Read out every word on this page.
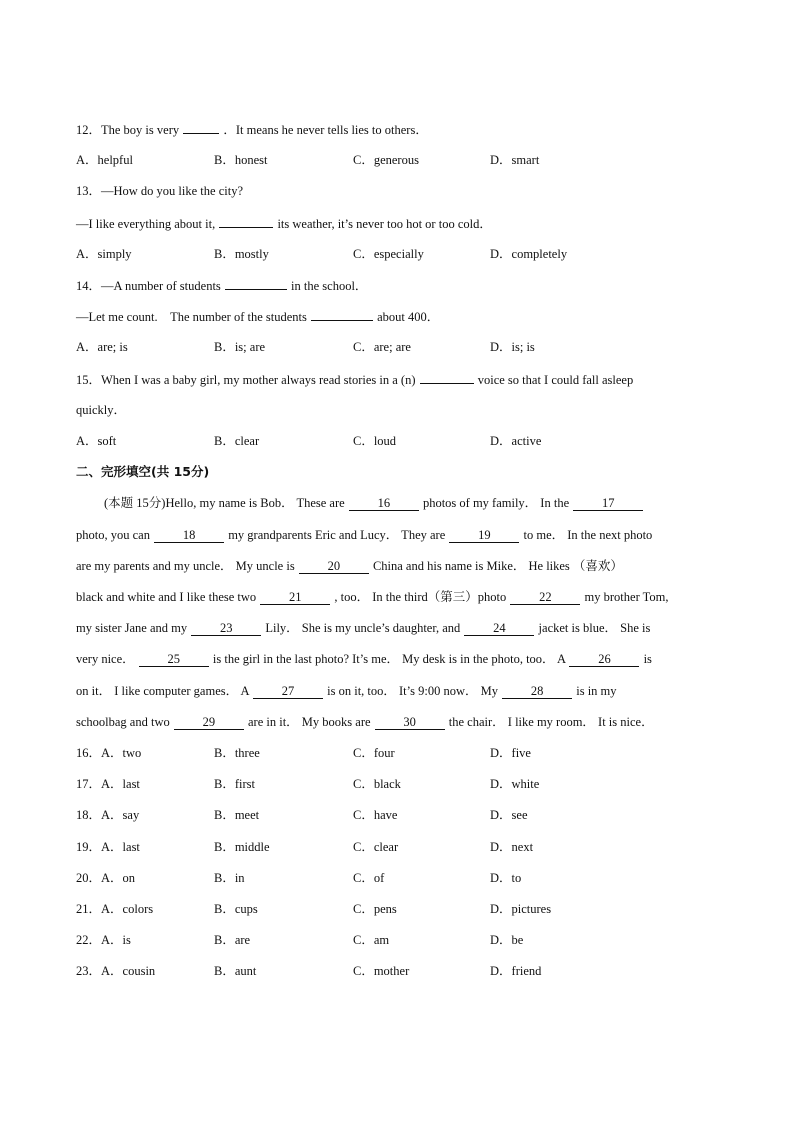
12．The boy is very	．It means he never tells lies to others．
A．helpful	B．honest	C．generous	D．smart
13．—How do you like the city?
—I like everything about it,	its weather, it’s never too hot or too cold．
A．simply	B．mostly	C．especially	D．completely
14．—A number of students	in the school．
—Let me count.　The number of the students	about 400．
A．are; is	B．is; are	C．are; are	D．is; is
15．When I was a baby girl, my mother always read stories in a (n)	voice so that I could fall asleep
quickly．
A．soft	B．clear	C．loud	D．active
二、完形填空(共 15分)
(本题 15分)Hello, my name is Bob． These are	16	photos of my family． In the	17
photo, you can	18	my grandparents Eric and Lucy． They are	19	to me． In the next photo
are my parents and my uncle． My uncle is	20	China and his name is Mike． He likes （喜欢）
black and white and I like these two	21	, too． In the third（第三）photo	22	my brother Tom,
my sister Jane and my	23	Lily． She is my uncle’s daughter, and	24	jacket is blue． She is
very nice．	25	is the girl in the last photo? It’s me． My desk is in the photo, too． A	26	is
on it． I like computer games． A	27	is on it, too． It’s 9:00 now． My	28	is in my
schoolbag and two	29	are in it． My books are	30	the chair． I like my room． It is nice．
16．A．two	B．three	C．four	D．five
17．A．last	B．first	C．black	D．white
18．A．say	B．meet	C．have	D．see
19．A．last	B．middle	C．clear	D．next
20．A．on	B．in	C．of	D．to
21．A．colors	B．cups	C．pens	D．pictures
22．A．is	B．are	C．am	D．be
23．A．cousin	B．aunt	C．mother	D．friend
